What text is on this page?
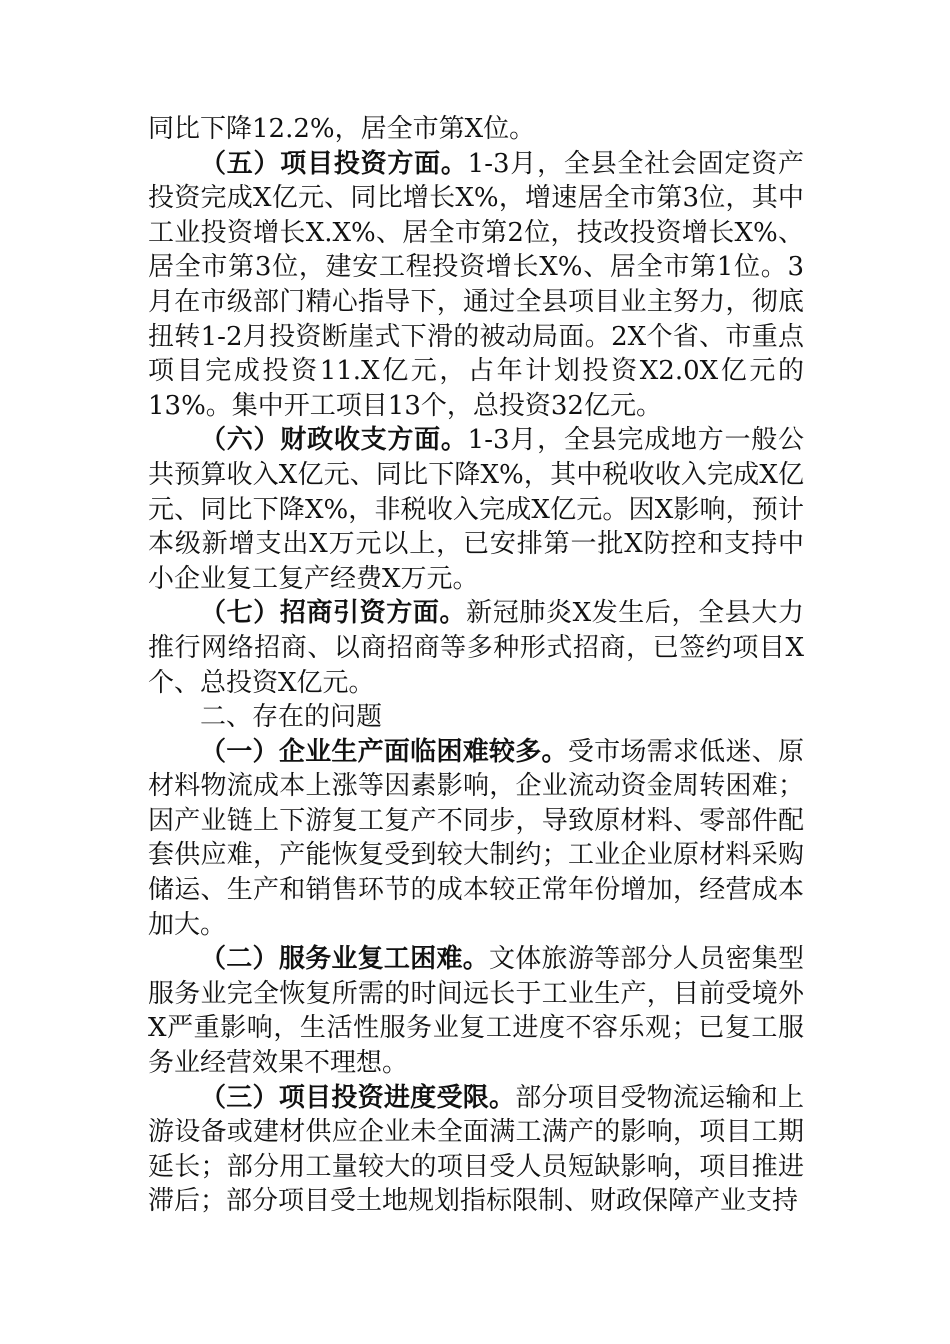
同比下降12.2%，居全市第X位。

（五）项目投资方面。1-3月，全县全社会固定资产投资完成X亿元、同比增长X%，增速居全市第3位，其中工业投资增长X.X%、居全市第2位，技改投资增长X%、居全市第3位，建安工程投资增长X%、居全市第1位。3月在市级部门精心指导下，通过全县项目业主努力，彻底扭转1-2月投资断崖式下滑的被动局面。2X个省、市重点项目完成投资11.X亿元，占年计划投资X2.0X亿元的13%。集中开工项目13个，总投资32亿元。

（六）财政收支方面。1-3月，全县完成地方一般公共预算收入X亿元、同比下降X%，其中税收收入完成X亿元、同比下降X%，非税收入完成X亿元。因X影响，预计本级新增支出X万元以上，已安排第一批X防控和支持中小企业复工复产经费X万元。

（七）招商引资方面。新冠肺炎X发生后，全县大力推行网络招商、以商招商等多种形式招商，已签约项目X个、总投资X亿元。

二、存在的问题

（一）企业生产面临困难较多。受市场需求低迷、原材料物流成本上涨等因素影响，企业流动资金周转困难；因产业链上下游复工复产不同步，导致原材料、零部件配套供应难，产能恢复受到较大制约；工业企业原材料采购储运、生产和销售环节的成本较正常年份增加，经营成本加大。

（二）服务业复工困难。文体旅游等部分人员密集型服务业完全恢复所需的时间远长于工业生产，目前受境外X严重影响，生活性服务业复工进度不容乐观；已复工服务业经营效果不理想。

（三）项目投资进度受限。部分项目受物流运输和上游设备或建材供应企业未全面满工满产的影响，项目工期延长；部分用工量较大的项目受人员短缺影响，项目推进滞后；部分项目受土地规划指标限制、财政保障产业支持
